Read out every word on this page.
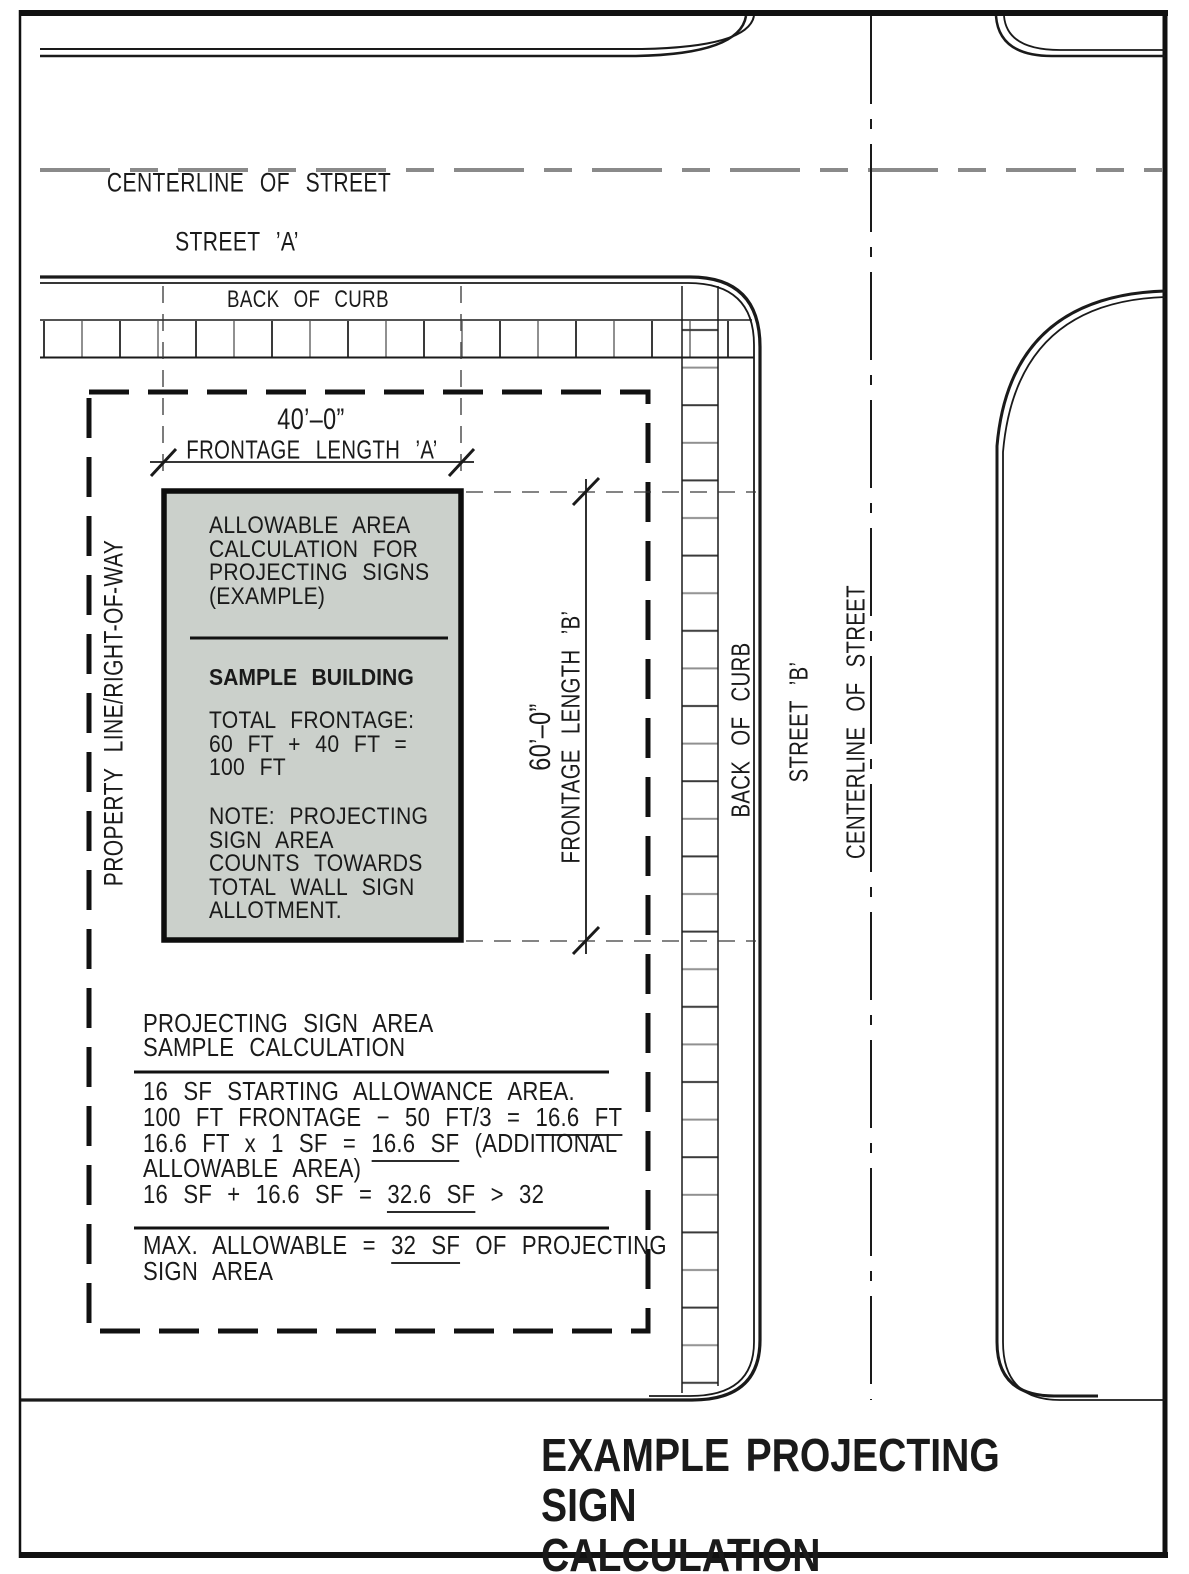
CENTERLINE OF STREET
STREET ’A’
BACK OF CURB
PROPERTY LINE/RIGHT-OF-WAY	BACK OF CURB STREET ’B’ CENTERLINE OF STREET
40’–0”
FRONTAGE LENGTH ’A’
60’–0”
FRONTAGE LENGTH ’B’
ALLOWABLE AREA
CALCULATION FOR
PROJECTING SIGNS
(EXAMPLE)
SAMPLE BUILDING
TOTAL FRONTAGE:
60 FT + 40 FT =
100 FT
NOTE: PROJECTING
SIGN AREA
COUNTS TOWARDS
TOTAL WALL SIGN
ALLOTMENT.
PROJECTING SIGN AREA
SAMPLE CALCULATION
16 SF STARTING ALLOWANCE AREA.
100 FT FRONTAGE − 50 FT/3 = 16.6 FT
16.6 FT x 1 SF = 16.6 SF (ADDITIONAL
ALLOWABLE AREA)
16 SF + 16.6 SF = 32.6 SF > 32
MAX. ALLOWABLE = 32 SF OF PROJECTING
SIGN AREA
EXAMPLE PROJECTING SIGN
CALCULATION
